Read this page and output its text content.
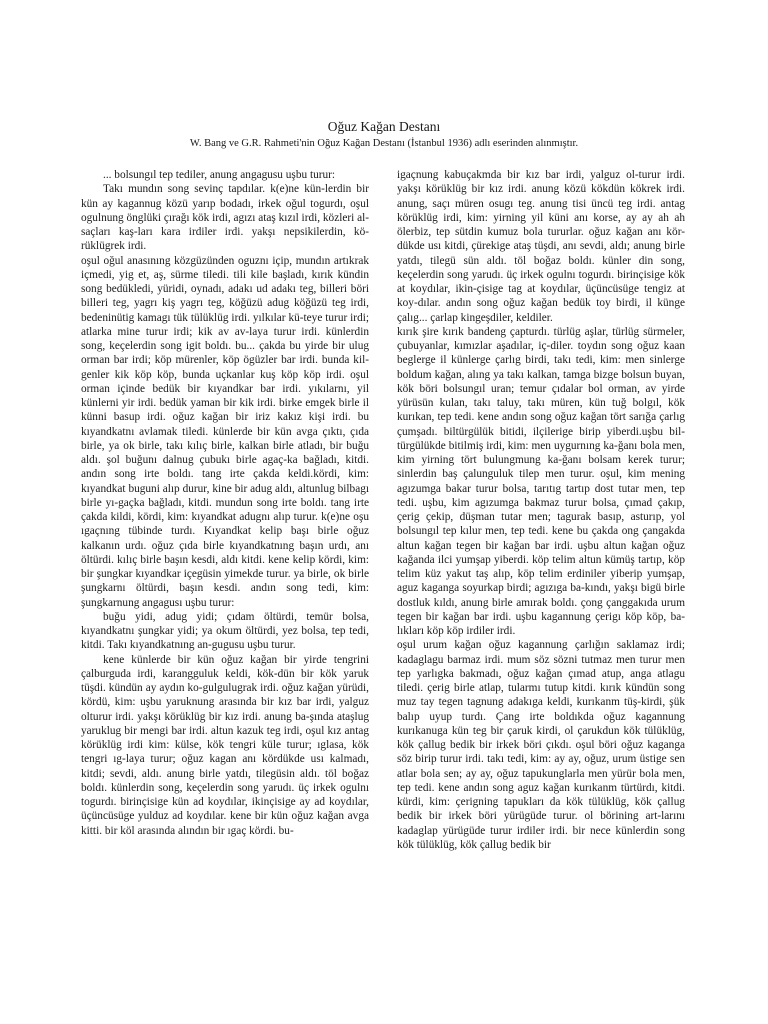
Oğuz Kağan Destanı
W. Bang ve G.R. Rahmeti'nin Oğuz Kağan Destanı (İstanbul 1936) adlı eserinden alınmıştır.

... bolsungıl tep tediler, anung angagusu uşbu turur:

Takı mundın song sevinç tapdılar. k(e)ne kün-lerdin bir kün ay kagannug közü yarıp bodadı, irkek oğul togurdı, oşul ogulnung önglüki çırağı kök irdi, agızı ataş kızıl irdi, közleri al- saçları kaş-ları kara irdiler irdi. yakşı nepsikilerdin, kö-rüklügrek irdi.

oşul oğul anasınıng közgüzünden oguznı içip, mundın artıkrak içmedi, yig et, aş, sürme tiledi. tili kile başladı, kırık kündin song bedükledi, yüridi, oynadı, adakı ud adakı teg, billeri böri billeri teg, yagrı kiş yagrı teg, köğüzü adug köğüzü teg irdi, bedeninütig kamagı tük tülüklüg irdi. yılkılar kü-teye turur irdi; atlarka mine turur irdi; kik av av-laya turur irdi. künlerdin song, keçelerdin song igit boldı. bu... çakda bu yirde bir ulug orman bar irdi; köp mürenler, köp ögüzler bar irdi. bunda kil-genler kik köp köp, bunda uçkanlar kuş köp köp irdi. oşul orman içinde bedük bir kıyandkar bar irdi. yıkılarnı, yil künlerni yir irdi. bedük yaman bir kik irdi. birke emgek birle il künni basup irdi. oğuz kağan bir iriz kakız kişi irdi. bu kıyandkatnı avlamak tiledi. künlerde bir kün avga çıktı, çıda birle, ya ok birle, takı kılıç birle, kalkan birle atladı, bir buğu aldı. şol buğunı dalnug çubukı birle agaç-ka bağladı, kitdi. andın song irte boldı. tang irte çakda keldi.kördi, kim: kıyandkat buguni alıp durur, kine bir adug aldı, altunlug bilbagı birle yı-gaçka bağladı, kitdi. mundun song irte boldı. tang irte çakda kildi, kördi, kim: kıyandkat adugnı alıp turur. k(e)ne oşu ıgaçnıng tübinde turdı. Kıyandkat kelip başı birle oğuz kalkanın urdı. oğuz çıda birle kıyandkatnıng başın urdı, anı öltürdi. kılıç birle başın kesdi, aldı kitdi. kene kelip kördi, kim: bir şungkar kıyandkar içegüsin yimekde turur. ya birle, ok birle şungkarnı öltürdi, başın kesdi. andın song tedi, kim: şungkarnung angagusı uşbu turur:

buğu yidi, adug yidi; çıdam öltürdi, temür bolsa, kıyandkatnı şungkar yidi; ya okum öltürdi, yez bolsa, tep tedi, kitdi. Takı kıyandkatnıng an-gugusu uşbu turur.

kene künlerde bir kün oğuz kağan bir yirde tengrini çalburguda irdi, karangguluk keldi, kök-dün bir kök yaruk tüşdi. kündün ay aydın ko-gulgulugrak irdi. oğuz kağan yürüdi, kördü, kim: uşbu yaruknung arasında bir kız bar irdi, yalguz olturur irdi. yakşı körüklüg bir kız irdi. anung ba-şında ataşlug yaruklug bir mengi bar irdi. altun kazuk teg irdi, oşul kız antag körüklüg irdi kim: külse, kök tengri küle turur; ıglasa, kök tengri ıg-laya turur; oğuz kagan anı kördükde usı kalmadı, kitdi; sevdi, aldı. anung birle yatdı, tilegüsin aldı. töl boğaz boldı. künlerdin song, keçelerdin song yarudı. üç irkek ogulnı togurdı. birinçisige kün ad koydılar, ikinçisige ay ad koydılar, üçüncüsüge yulduz ad koydılar. kene bir kün oğuz kağan avga kitti. bir köl arasında alındın bir ıgaç kördi. bu-

igaçnung kabuçakmda bir kız bar irdi, yalguz ol-turur irdi. yakşı körüklüg bir kız irdi. anung közü kökdün kökrek irdi. anung, saçı müren osugı teg. anung tisi üncü teg irdi. antag körüklüg irdi, kim: yirning yil küni anı korse, ay ay ah ah ölerbiz, tep sütdin kumuz bola tururlar. oğuz kağan anı kör-dükde usı kitdi, çürekige ataş tüşdi, anı sevdi, aldı; anung birle yatdı, tilegü sün aldı. töl boğaz boldı. künler din song, keçelerdin song yarudı. üç irkek ogulnı togurdı. birinçisige kök at koydılar, ikin-çisige tag at koydılar, üçüncüsüge tengiz at koy-dılar. andın song oğuz kağan bedük toy birdi, il künge çalıg... çarlap kingeşdiler, keldiler.

kırık şire kırık bandeng çapturdı. türlüg aşlar, türlüg sürmeler, çubuyanlar, kımızlar aşadılar, iç-diler. toydın song oğuz kaan beglerge il künlerge çarlıg birdi, takı tedi, kim: men sinlerge boldum kağan, alıng ya takı kalkan, tamga bizge bolsun buyan, kök böri bolsungıl uran; temur çıdalar bol orman, av yirde yürüsün kulan, takı taluy, takı müren, kün tuğ bolgıl, kök kurıkan, tep tedi. kene andın song oğuz kağan tört sarığa çarlıg çumşadı. biltürgülük bitidi, ilçilerige birip yiberdi.uşbu bil-türgülükde bitilmiş irdi, kim: men uygurnıng ka-ğanı bola men, kim yirning tört bulungmung ka-ğanı bolsam kerek turur; sinlerdin baş çalunguluk tilep men turur. oşul, kim mening agızumga bakar turur bolsa, tarıtıg tartıp dost tutar men, tep tedi. uşbu, kim agızumga bakmaz turur bolsa, çımad çakıp, çerig çekip, düşman tutar men; tagurak basıp, asturıp, yol bolsungıl tep kılur men, tep tedi. kene bu çakda ong çangakda altun kağan tegen bir kağan bar irdi. uşbu altun kağan oğuz kağanda ilci yumşap yiberdi. köp telim altun kümüş tartıp, köp telim küz yakut taş alıp, köp telim erdiniler yiberip yumşap, aguz kaganga soyurkap birdi; agızıga ba-kındı, yakşı bigü birle dostluk kıldı, anung birle amırak boldı. çong çanggakıda urum tegen bir kağan bar irdi. uşbu kagannung çerigı köp köp, ba-lıkları köp köp irdiler irdi.

oşul urum kağan oğuz kagannung çarlığın saklamaz irdi; kadaglagu barmaz irdi. mum söz sözni tutmaz men turur men tep yarlıgka bakmadı, oğuz kağan çımad atup, anga atlagu tiledi. çerig birle atlap, tularmı tutup kitdi. kırık kündün song muz tay tegen tagnung adakıga keldi, kurıkanm tüş-kirdi, şük balıp uyup turdı. Çang irte boldıkda oğuz kagannung kurıkanuga kün teg bir çaruk kirdi, ol çarukdun kök tülüklüg, kök çallug bedik bir irkek böri çıkdı. oşul böri oğuz kaganga söz birip turur irdi. takı tedi, kim: ay ay, oğuz, urum üstige sen atlar bola sen; ay ay, oğuz tapukunglarla men yürür bola men, tep tedi. kene andın song aguz kağan kurıkanm türtürdı, kitdi. kürdi, kim: çerigning tapukları da kök tülüklüg, kök çallug bedik bir irkek böri yürügüde turur. ol börining art-larını kadaglap yürügüde turur irdiler irdi. bir nece künlerdin song kök tülüklüg, kök çallug bedik bir
